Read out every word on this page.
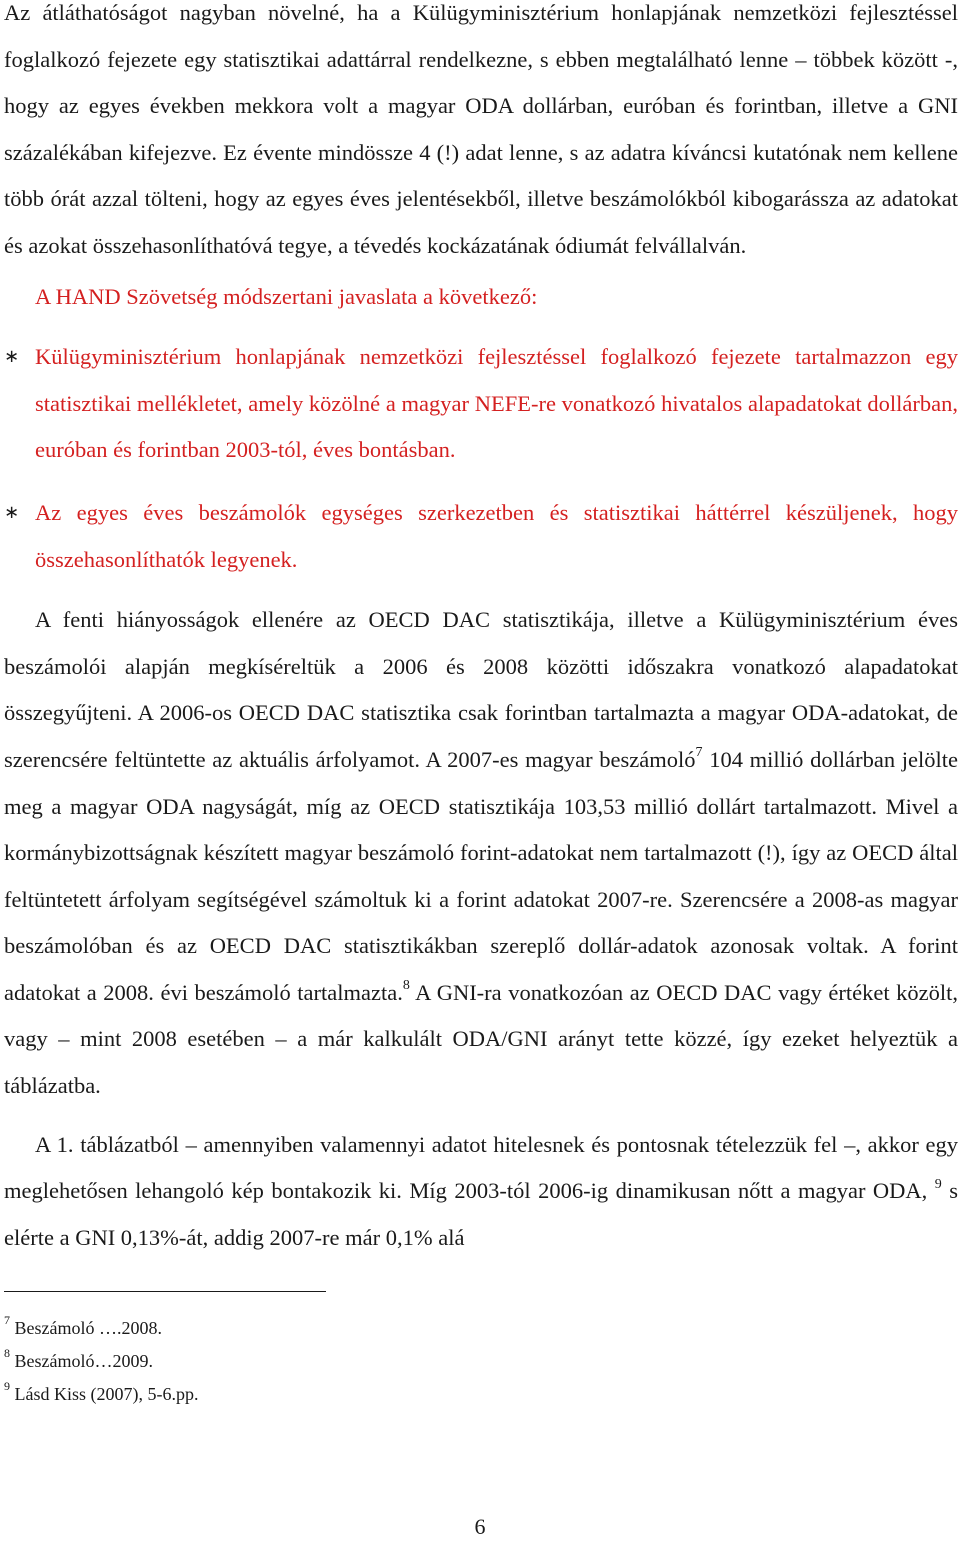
Az átláthatóságot nagyban növelné, ha a Külügyminisztérium honlapjának nemzetközi fejlesztéssel foglalkozó fejezete egy statisztikai adattárral rendelkezne, s ebben megtalálható lenne – többek között -, hogy az egyes években mekkora volt a magyar ODA dollárban, euróban és forintban, illetve a GNI százalékában kifejezve. Ez évente mindössze 4 (!) adat lenne, s az adatra kíváncsi kutatónak nem kellene több órát azzal tölteni, hogy az egyes éves jelentésekből, illetve beszámolókból kibogarássza az adatokat és azokat összehasonlíthatóvá tegye, a tévedés kockázatának ódiumát felvállalván.

A HAND Szövetség módszertani javaslata a következő:

∗ Külügyminisztérium honlapjának nemzetközi fejlesztéssel foglalkozó fejezete tartalmazzon egy statisztikai mellékletet, amely közölné a magyar NEFE-re vonatkozó hivatalos alapadatokat dollárban, euróban és forintban 2003-tól, éves bontásban.
∗ Az egyes éves beszámolók egységes szerkezetben és statisztikai háttérrel készüljenek, hogy összehasonlíthatók legyenek.

A fenti hiányosságok ellenére az OECD DAC statisztikája, illetve a Külügyminisztérium éves beszámolói alapján megkíséreltük a 2006 és 2008 közötti időszakra vonatkozó alapadatokat összegyűjteni. A 2006-os OECD DAC statisztika csak forintban tartalmazta a magyar ODA-adatokat, de szerencsére feltüntette az aktuális árfolyamot. A 2007-es magyar beszámoló$^7$ 104 millió dollárban jelölte meg a magyar ODA nagyságát, míg az OECD statisztikája 103,53 millió dollárt tartalmazott. Mivel a kormánybizottságnak készített magyar beszámoló forint-adatokat nem tartalmazott (!), így az OECD által feltüntetett árfolyam segítségével számoltuk ki a forint adatokat 2007-re. Szerencsére a 2008-as magyar beszámolóban és az OECD DAC statisztikákban szereplő dollár-adatok azonosak voltak. A forint adatokat a 2008. évi beszámoló tartalmazta.$^8$ A GNI-ra vonatkozóan az OECD DAC vagy értéket közölt, vagy – mint 2008 esetében – a már kalkulált ODA/GNI arányt tette közzé, így ezeket helyeztük a táblázatba.

A 1. táblázatból – amennyiben valamennyi adatot hitelesnek és pontosnak tételezzük fel –, akkor egy meglehetősen lehangoló kép bontakozik ki. Míg 2003-tól 2006-ig dinamikusan nőtt a magyar ODA, $^9$ s elérte a GNI 0,13%-át, addig 2007-re már 0,1% alá

$^7$ Beszámoló ….2008.
$^8$ Beszámoló…2009.
$^9$ Lásd Kiss (2007), 5-6.pp.
6
